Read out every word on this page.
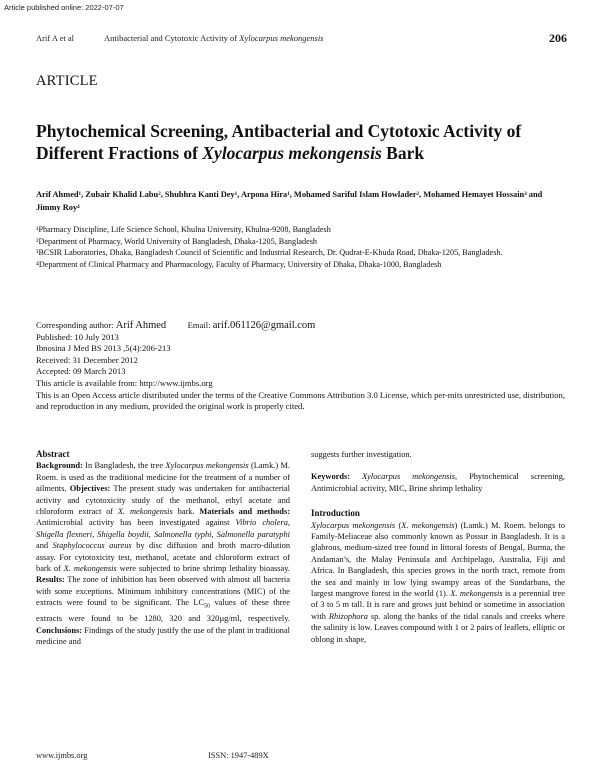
Article published online: 2022-07-07
Arif A et al	Antibacterial and Cytotoxic Activity of Xylocarpus mekongensis	206
ARTICLE
Phytochemical Screening, Antibacterial and Cytotoxic Activity of
Different Fractions of Xylocarpus mekongensis Bark
Arif Ahmed¹, Zubair Khalid Labu², Shubhra Kanti Dey¹, Arpona Hira¹, Mohamed Sariful Islam Howlader², Mohamed Hemayet Hossain³ and Jimmy Roy⁴
¹Pharmacy Discipline, Life Science School, Khulna University, Khulna-9208, Bangladesh
²Department of Pharmacy, World University of Bangladesh, Dhaka-1205, Bangladesh
³BCSIR Laboratories, Dhaka, Bangladesh Council of Scientific and Industrial Research, Dr. Qudrat-E-Khuda Road, Dhaka-1205, Bangladesh.
⁴Department of Clinical Pharmacy and Pharmacology, Faculty of Pharmacy, University of Dhaka, Dhaka-1000, Bangladesh
Corresponding author: Arif Ahmed Email: arif.061126@gmail.com
Published: 10 July 2013
Ibnosina J Med BS 2013 ,5(4):206-213
Received: 31 December 2012
Accepted: 09 March 2013
This article is available from: http://www.ijmbs.org
This is an Open Access article distributed under the terms of the Creative Commons Attribution 3.0 License, which per-mits unrestricted use, distribution, and reproduction in any medium, provided the original work is properly cited.

Abstract

Background: In Bangladesh, the tree Xylocarpus mekongensis (Lamk.) M. Roem. is used as the traditional medicine for the treatment of a number of ailments. Objectives: The present study was undertaken for antibacterial activity and cytotoxicity study of the methanol, ethyl acetate and chloroform extract of X. mekongensis bark. Materials and methods: Antimicrobial activity has been investigated against Vibrio cholera, Shigella flexneri, Shigella boydii, Salmonella typhi, Salmonella paratyphi and Staphylococcus aureus by disc diffusion and broth macro-dilution assay. For cytotoxicity test, methanol, acetate and chloroform extract of bark of X. mekongensis were subjected to brine shrimp lethality bioassay. Results: The zone of inhibition has been observed with almost all bacteria with some exceptions. Minimum inhibitory concentrations (MIC) of the extracts were found to be significant. The $LC_{50}$ values of these three extracts were found to be 1280, 320 and 320µg/ml, respectively. Conclusions: Findings of the study justify the use of the plant in traditional medicine and

suggests further investigation.

Keywords: Xylocarpus mekongensis, Phytochemical screening, Antimicrobial activity, MIC, Brine shrimp lethality

Introduction

Xylocarpus mekongensis (X. mekongensis) (Lamk.) M. Roem. belongs to Family-Meliaceae also commonly known as Possur in Bangladesh. It is a glabrous, medium-sized tree found in littoral forests of Bengal, Burma, the Andaman’s, the Malay Peninsula and Archipelago, Australia, Fiji and Africa. In Bangladesh, this species grows in the north tract, remote from the sea and mainly in low lying swampy areas of the Sundarbans, the largest mangrove forest in the world (1). X. mekongensis is a perennial tree of 3 to 5 m tall. It is rare and grows just behind or sometime in association with Rhizophora sp. along the banks of the tidal canals and creeks where the salinity is low. Leaves compound with 1 or 2 pairs of leaflets, elliptic or oblong in shape,

www.ijmbs.org	ISSN: 1947-489X
